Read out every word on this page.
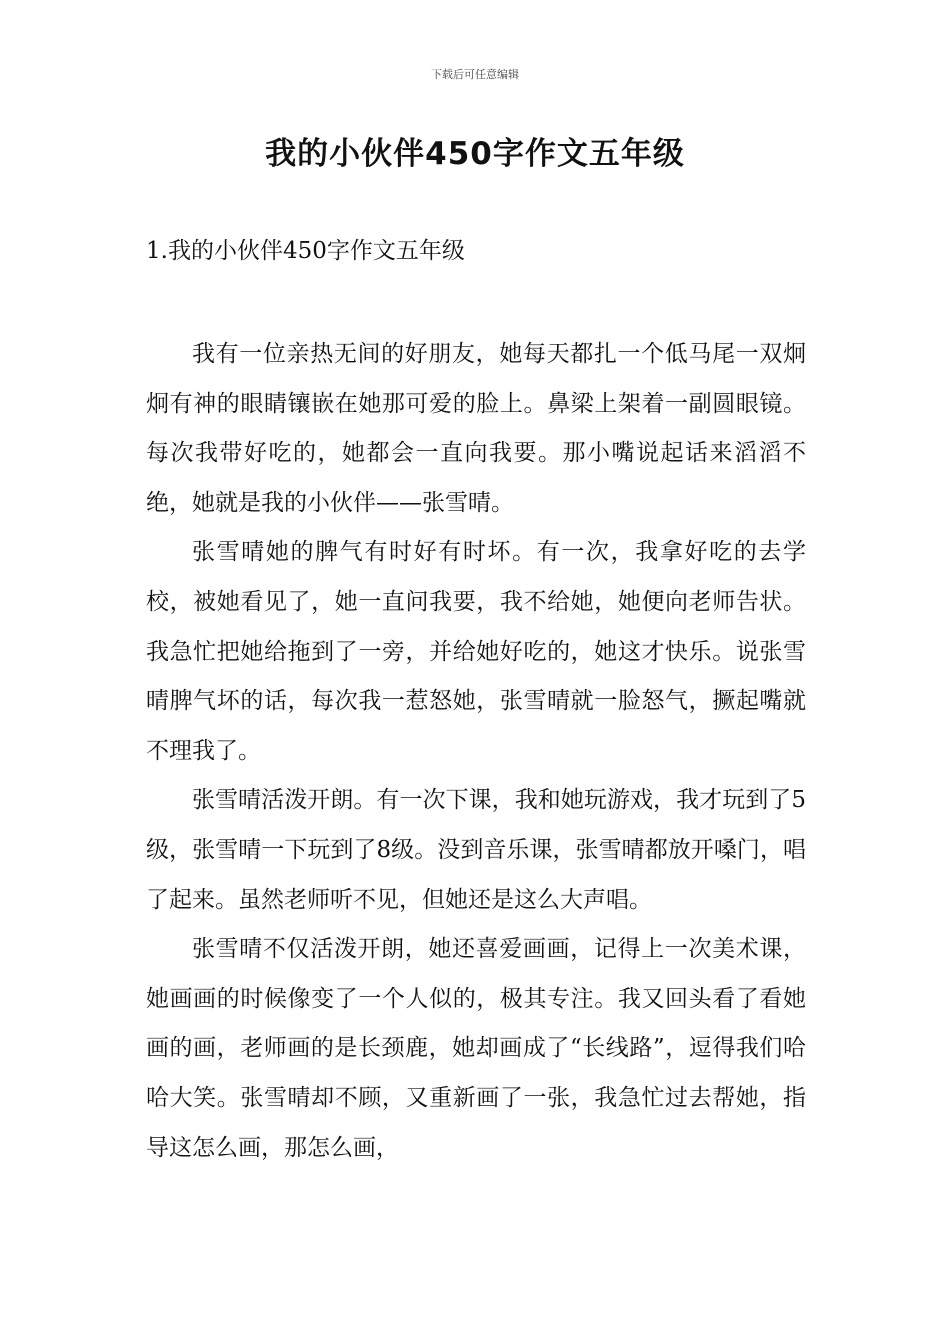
下载后可任意编辑
我的小伙伴450字作文五年级
1.我的小伙伴450字作文五年级

我有一位亲热无间的好朋友，她每天都扎一个低马尾一双炯炯有神的眼睛镶嵌在她那可爱的脸上。鼻梁上架着一副圆眼镜。每次我带好吃的，她都会一直向我要。那小嘴说起话来滔滔不绝，她就是我的小伙伴——张雪晴。

张雪晴她的脾气有时好有时坏。有一次，我拿好吃的去学校，被她看见了，她一直问我要，我不给她，她便向老师告状。我急忙把她给拖到了一旁，并给她好吃的，她这才快乐。说张雪晴脾气坏的话，每次我一惹怒她，张雪晴就一脸怒气，撅起嘴就不理我了。

张雪晴活泼开朗。有一次下课，我和她玩游戏，我才玩到了5级，张雪晴一下玩到了8级。没到音乐课，张雪晴都放开嗓门，唱了起来。虽然老师听不见，但她还是这么大声唱。

张雪晴不仅活泼开朗，她还喜爱画画，记得上一次美术课，她画画的时候像变了一个人似的，极其专注。我又回头看了看她画的画，老师画的是长颈鹿，她却画成了“长线路”，逗得我们哈哈大笑。张雪晴却不顾，又重新画了一张，我急忙过去帮她，指导这怎么画，那怎么画，
